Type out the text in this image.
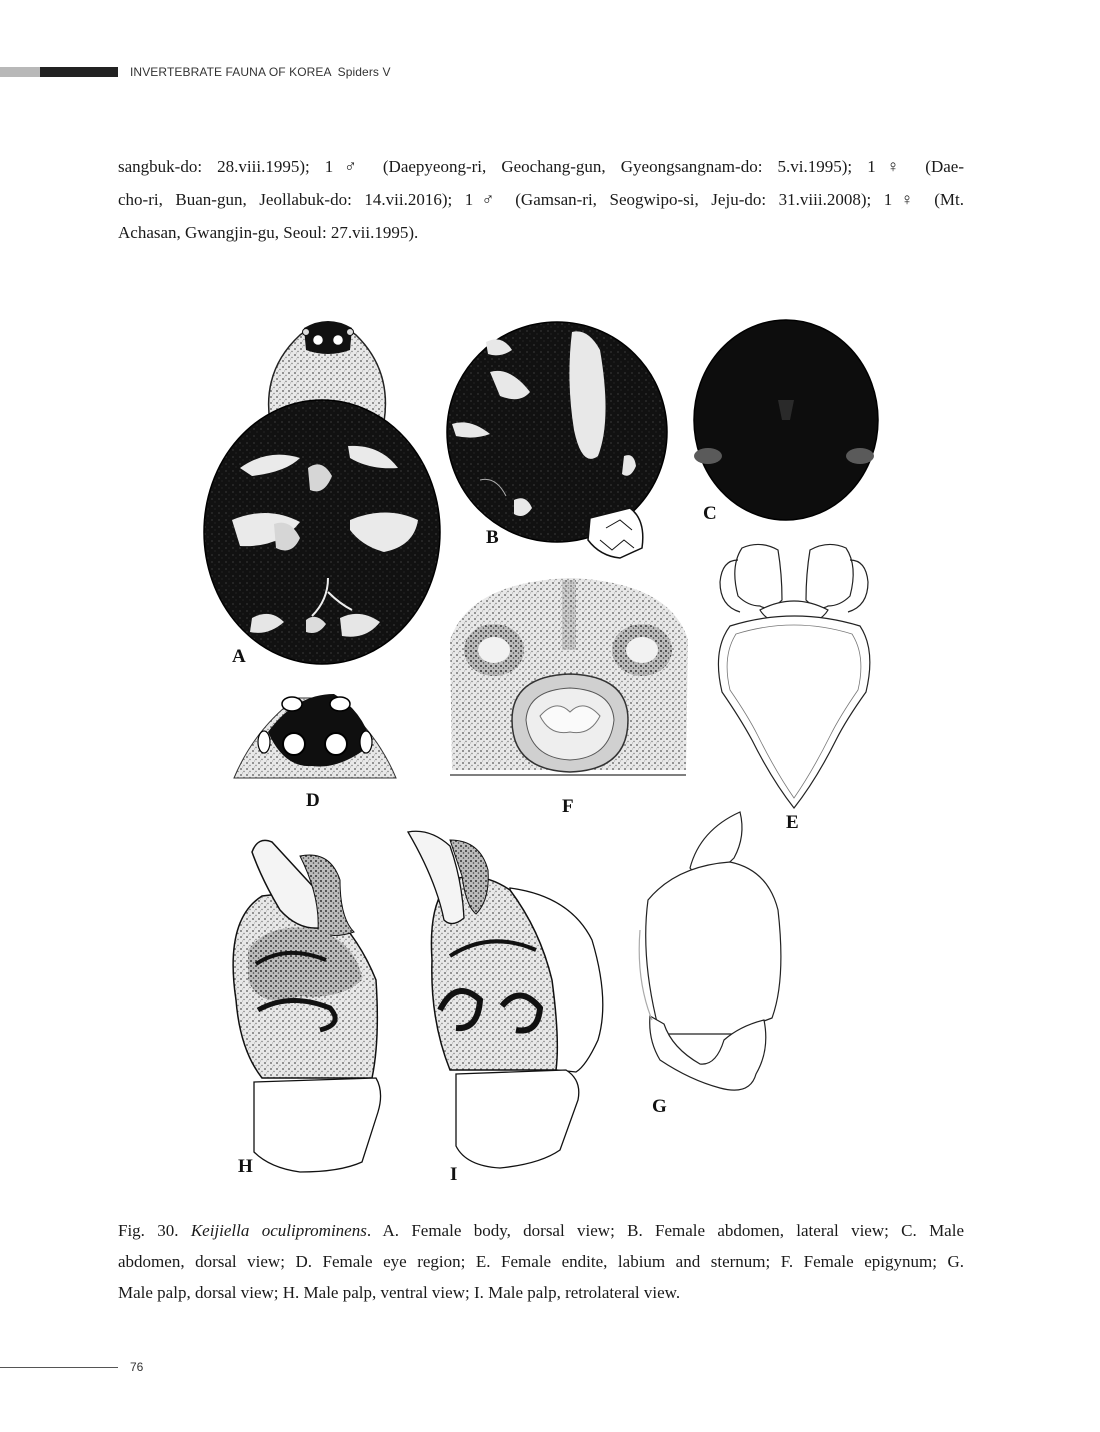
INVERTEBRATE FAUNA OF KOREA Spiders V
sangbuk-do: 28.viii.1995); 1♂ (Daepyeong-ri, Geochang-gun, Gyeongsangnam-do: 5.vi.1995); 1♀ (Dae-
cho-ri, Buan-gun, Jeollabuk-do: 14.vii.2016); 1♂ (Gamsan-ri, Seogwipo-si, Jeju-do: 31.viii.2008); 1♀ (Mt.
Achasan, Gwangjin-gu, Seoul: 27.vii.1995).
A
B
C
D	F
E
H	I
G
Fig. 30. Keijiella oculiprominens. A. Female body, dorsal view; B. Female abdomen, lateral view; C. Male
abdomen, dorsal view; D. Female eye region; E. Female endite, labium and sternum; F. Female epigynum; G.
Male palp, dorsal view; H. Male palp, ventral view; I. Male palp, retrolateral view.
76
